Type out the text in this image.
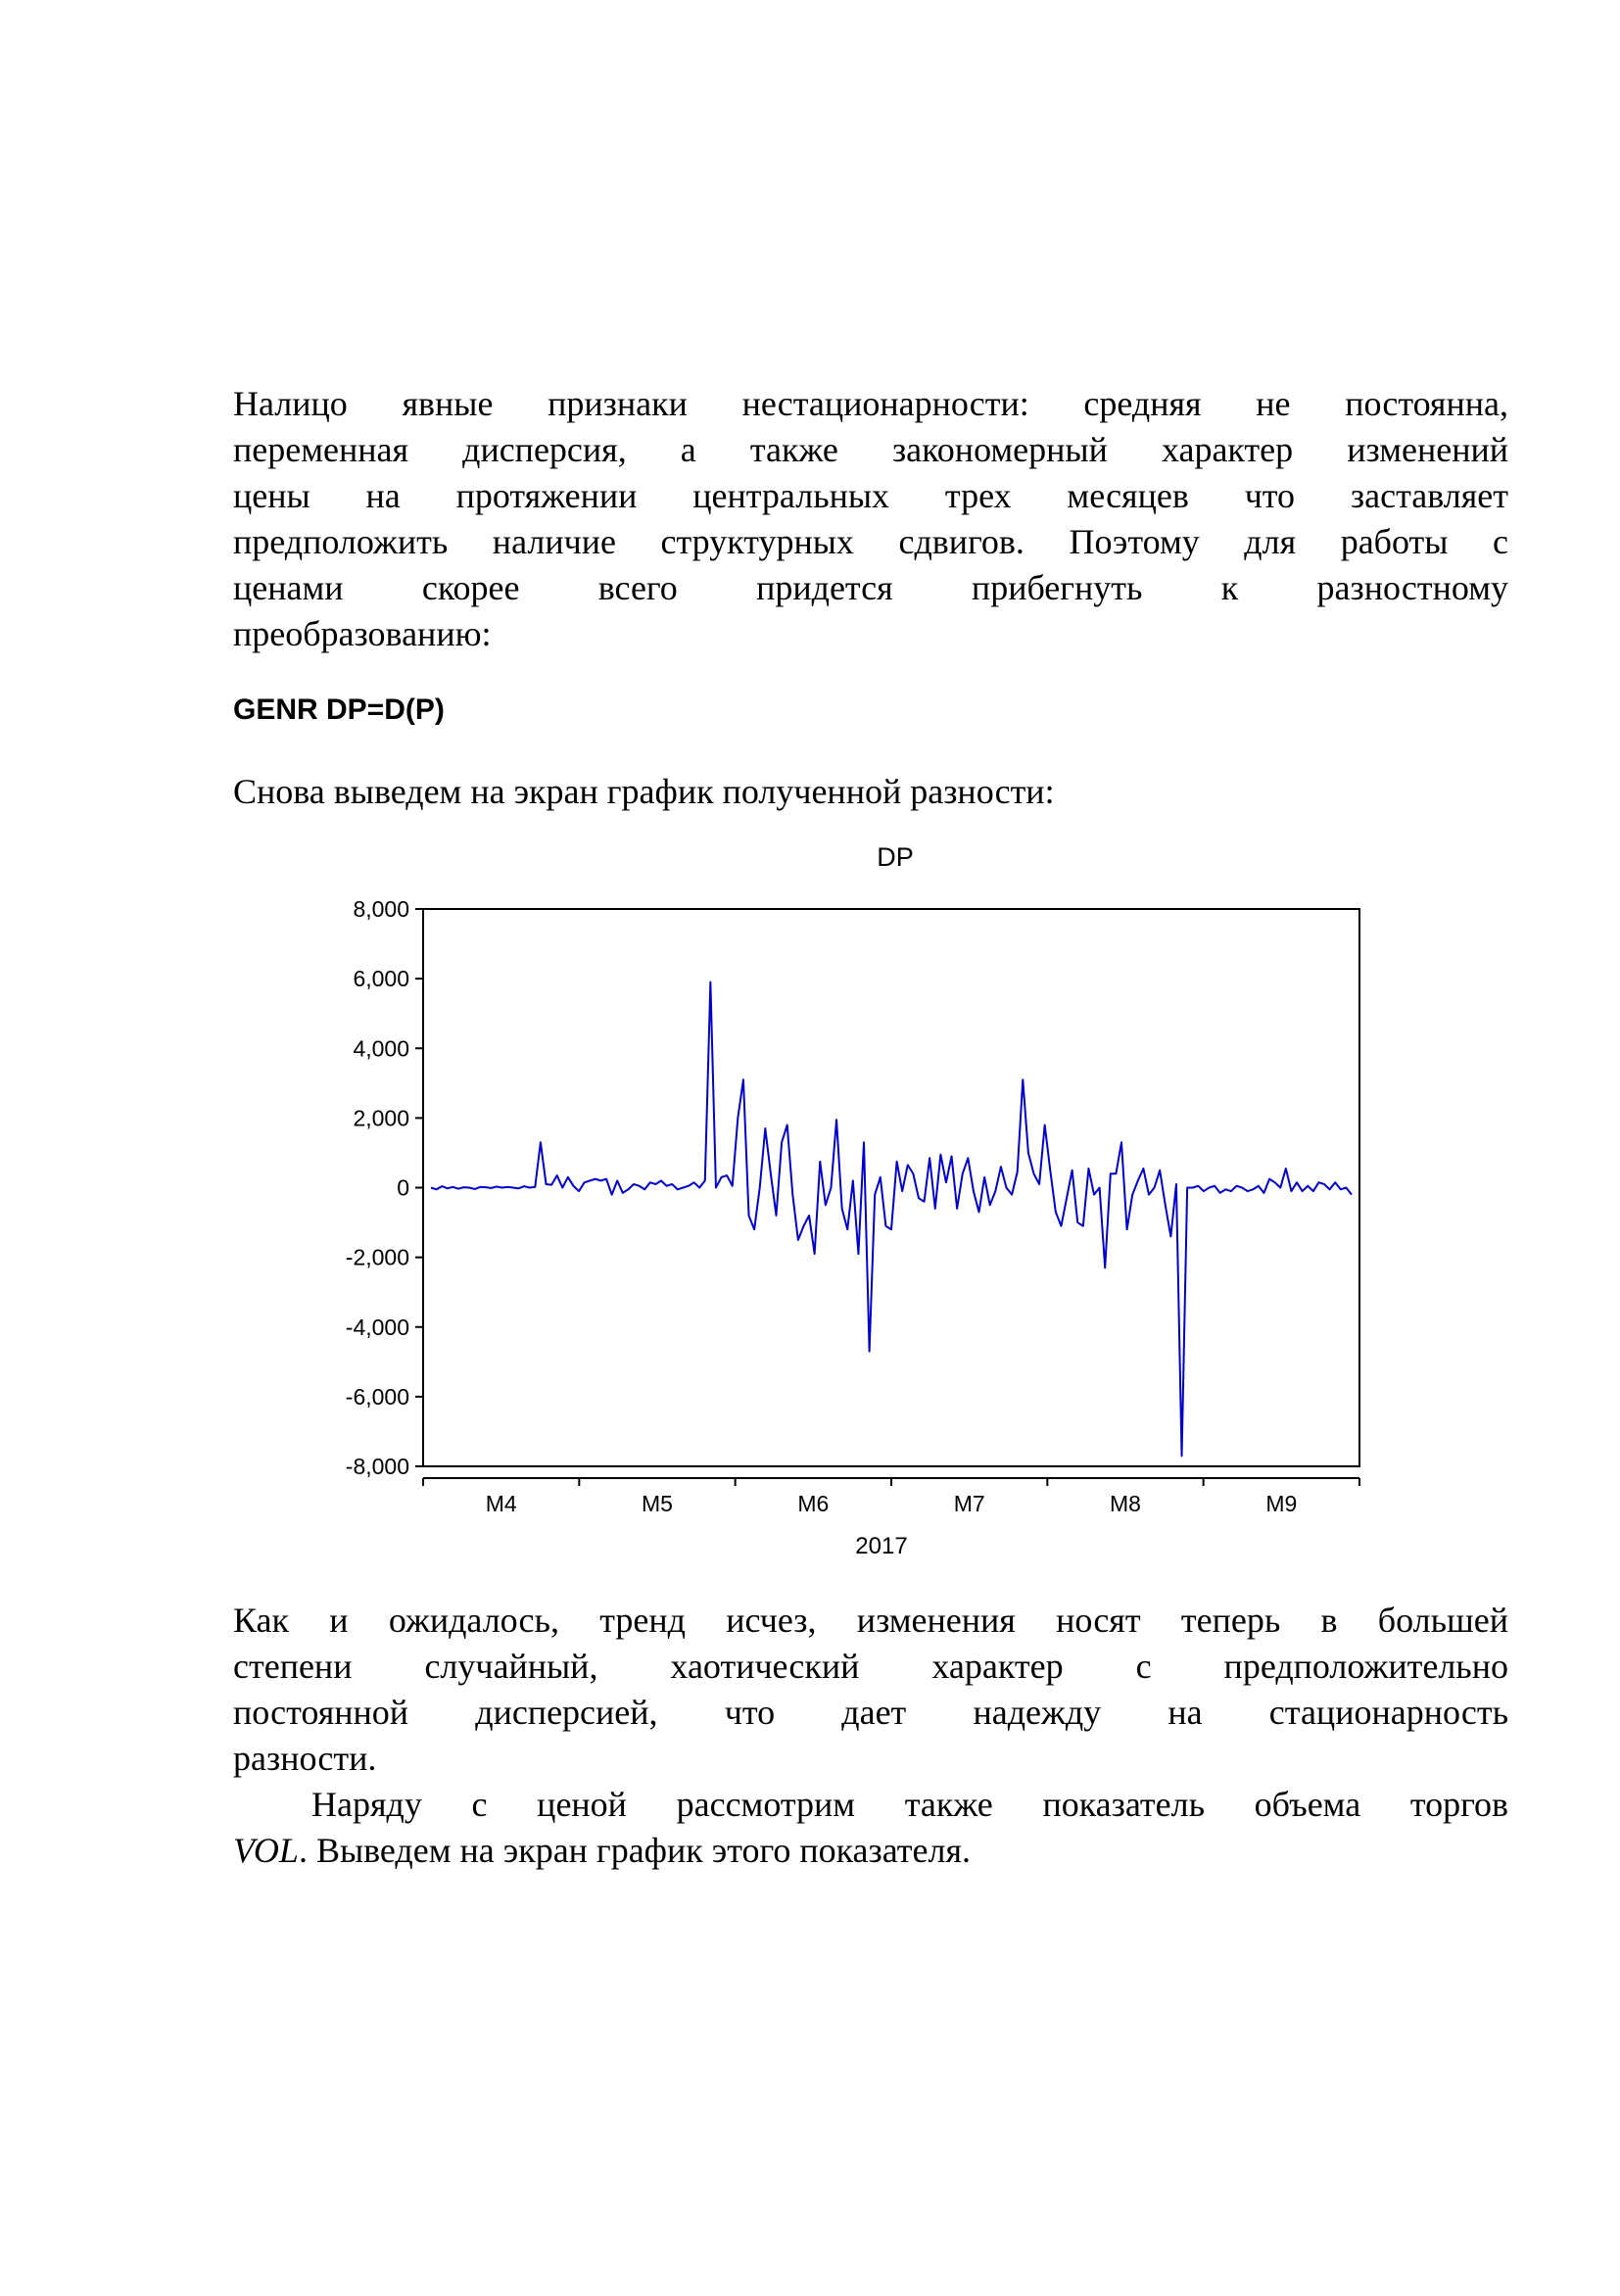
Налицо явные признаки нестационарности: средняя не постоянна,
переменная дисперсия, а также закономерный характер изменений
цены на протяжении центральных трех месяцев что заставляет
предположить наличие структурных сдвигов. Поэтому для работы с
ценами скорее всего придется прибегнуть к разностному
преобразованию:

GENR DP=D(P)

Снова выведем на экран график полученной разности:

DP
8,000
6,000
4,000
2,000
0
-2,000
-4,000
-6,000
-8,000
M4	M5	M6	M7	M8	M9
2017

Как и ожидалось, тренд исчез, изменения носят теперь в большей
степени случайный, хаотический характер с предположительно
постоянной дисперсией, что дает надежду на стационарность
разности.

Наряду с ценой рассмотрим также показатель объема торгов
VOL. Выведем на экран график этого показателя.
